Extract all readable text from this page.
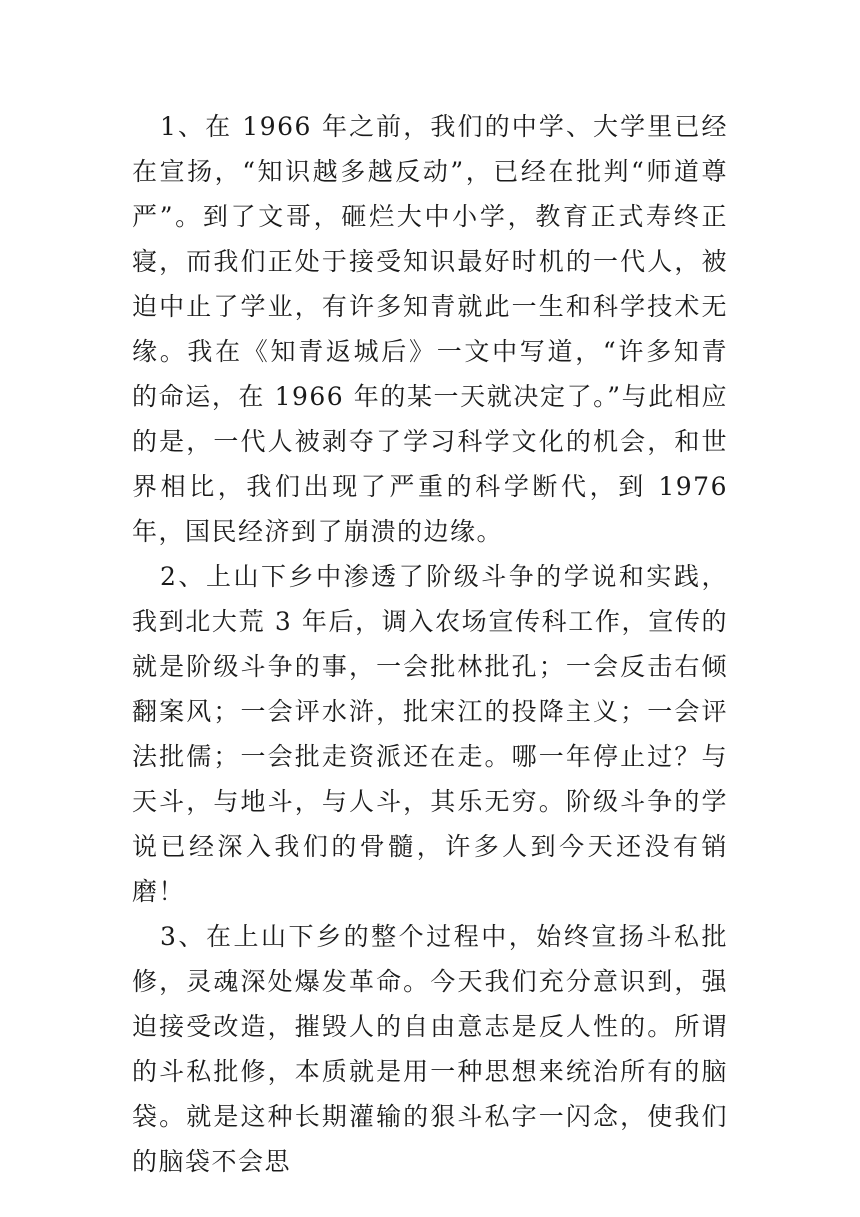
1、在 1966 年之前，我们的中学、大学里已经在宣扬，“知识越多越反动”，已经在批判“师道尊严”。到了文哥，砸烂大中小学，教育正式寿终正寝，而我们正处于接受知识最好时机的一代人，被迫中止了学业，有许多知青就此一生和科学技术无缘。我在《知青返城后》一文中写道，“许多知青的命运，在 1966 年的某一天就决定了。”与此相应的是，一代人被剥夺了学习科学文化的机会，和世界相比，我们出现了严重的科学断代，到 1976 年，国民经济到了崩溃的边缘。

2、上山下乡中渗透了阶级斗争的学说和实践，我到北大荒 3 年后，调入农场宣传科工作，宣传的就是阶级斗争的事，一会批林批孔；一会反击右倾翻案风；一会评水浒，批宋江的投降主义；一会评法批儒；一会批走资派还在走。哪一年停止过？与天斗，与地斗，与人斗，其乐无穷。阶级斗争的学说已经深入我们的骨髓，许多人到今天还没有销磨！

3、在上山下乡的整个过程中，始终宣扬斗私批修，灵魂深处爆发革命。今天我们充分意识到，强迫接受改造，摧毁人的自由意志是反人性的。所谓的斗私批修，本质就是用一种思想来统治所有的脑袋。就是这种长期灌输的狠斗私字一闪念，使我们的脑袋不会思
